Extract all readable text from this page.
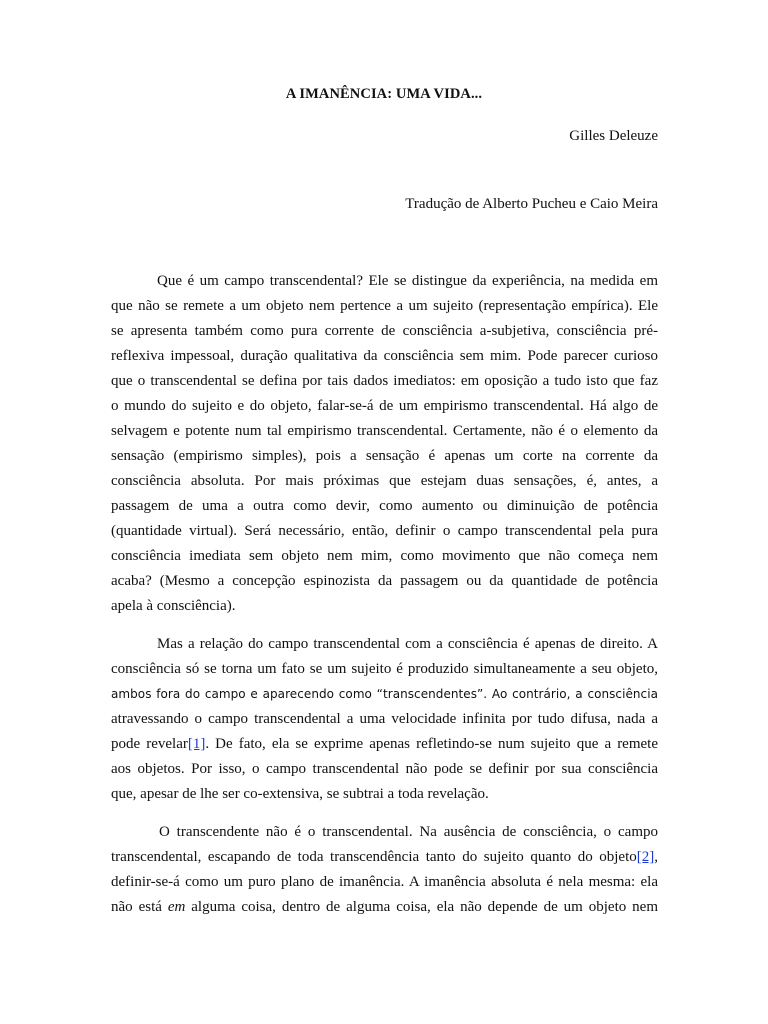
A IMANÊNCIA: UMA VIDA...
Gilles Deleuze
Tradução de Alberto Pucheu e Caio Meira
Que é um campo transcendental? Ele se distingue da experiência, na medida em
que não se remete a um objeto nem pertence a um sujeito (representação empírica). Ele
se apresenta também como pura corrente de consciência a-subjetiva, consciência pré-
reflexiva impessoal, duração qualitativa da consciência sem mim. Pode parecer curioso
que o transcendental se defina por tais dados imediatos: em oposição a tudo isto que faz
o mundo do sujeito e do objeto, falar-se-á de um empirismo transcendental. Há algo de
selvagem e potente num tal empirismo transcendental. Certamente, não é o elemento da
sensação (empirismo simples), pois a sensação é apenas um corte na corrente da
consciência absoluta. Por mais próximas que estejam duas sensações, é, antes, a
passagem de uma a outra como devir, como aumento ou diminuição de potência
(quantidade virtual). Será necessário, então, definir o campo transcendental pela pura
consciência imediata sem objeto nem mim, como movimento que não começa nem
acaba? (Mesmo a concepção espinozista da passagem ou da quantidade de potência
apela à consciência).
Mas a relação do campo transcendental com a consciência é apenas de direito. A
consciência só se torna um fato se um sujeito é produzido simultaneamente a seu objeto,
ambos fora do campo e aparecendo como “transcendentes”. Ao contrário, a consciência
atravessando o campo transcendental a uma velocidade infinita por tudo difusa, nada a
pode revelar[1]. De fato, ela se exprime apenas refletindo-se num sujeito que a remete
aos objetos. Por isso, o campo transcendental não pode se definir por sua consciência
que, apesar de lhe ser co-extensiva, se subtrai a toda revelação.
O transcendente não é o transcendental. Na ausência de consciência, o campo
transcendental, escapando de toda transcendência tanto do sujeito quanto do objeto[2],
definir-se-á como um puro plano de imanência. A imanência absoluta é nela mesma: ela
não está em alguma coisa, dentro de alguma coisa, ela não depende de um objeto nem
